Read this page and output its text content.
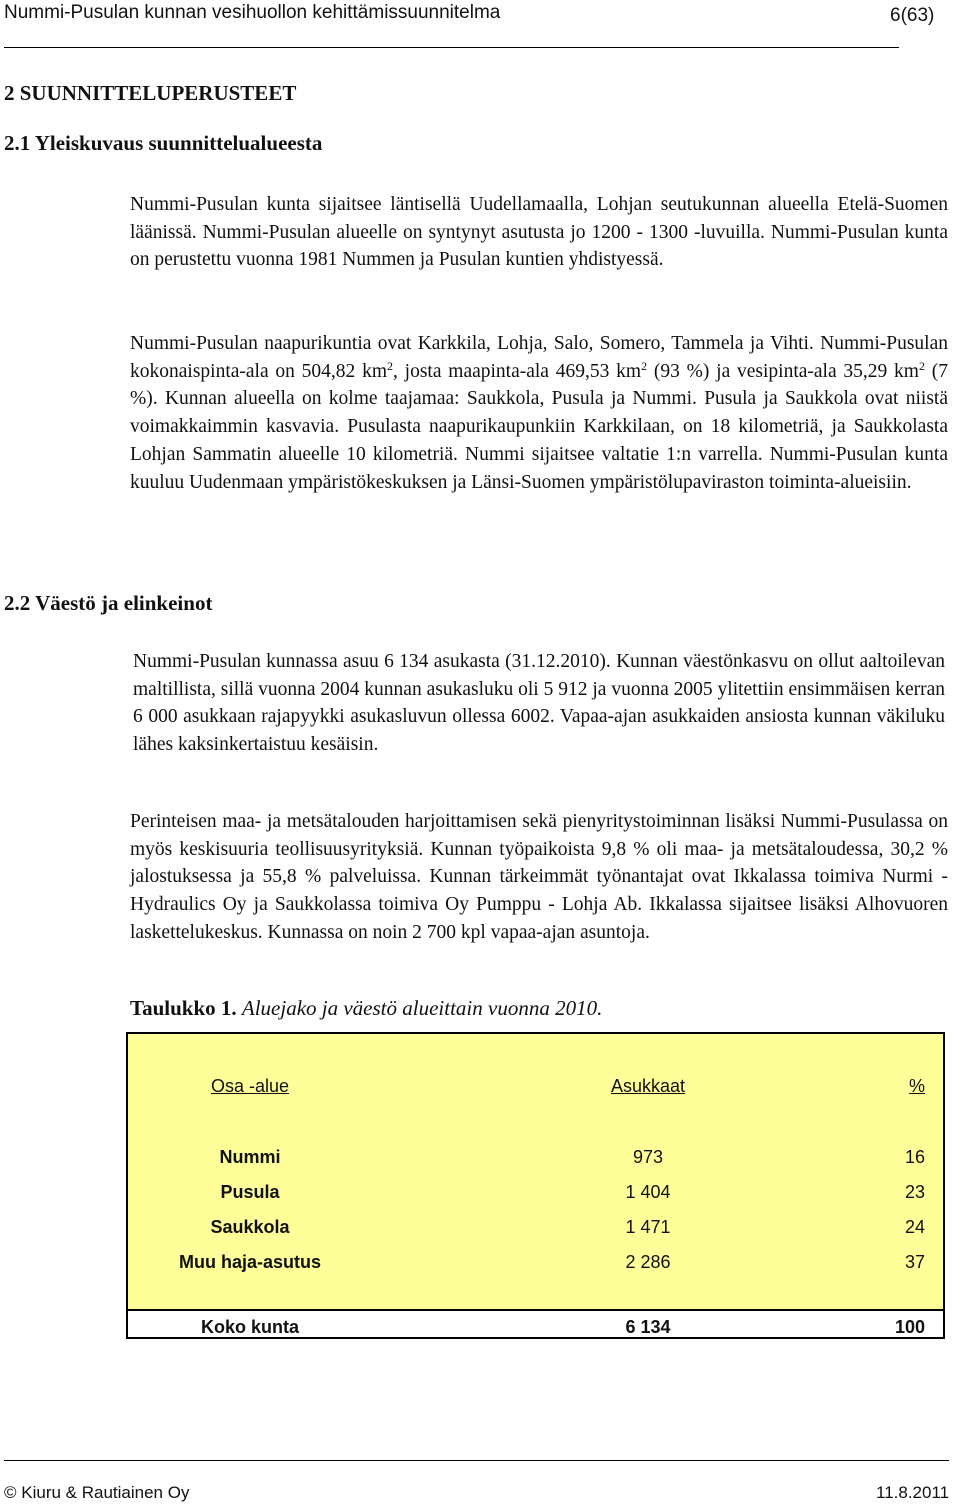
Nummi-Pusulan kunnan vesihuollon kehittämissuunnitelma	6(63)
2 SUUNNITTELUPERUSTEET
2.1 Yleiskuvaus suunnittelualueesta
Nummi-Pusulan kunta sijaitsee läntisellä Uudellamaalla, Lohjan seutukunnan alueella Etelä-Suomen läänissä. Nummi-Pusulan alueelle on syntynyt asutusta jo 1200 - 1300 -luvuilla. Nummi-Pusulan kunta on perustettu vuonna 1981 Nummen ja Pusulan kuntien yhdistyessä.
Nummi-Pusulan naapurikuntia ovat Karkkila, Lohja, Salo, Somero, Tammela ja Vihti. Nummi-Pusulan kokonaispinta-ala on 504,82 $km^2$, josta maapinta-ala 469,53 $km^2$ (93 %) ja vesipinta-ala 35,29 $km^2$ (7 %). Kunnan alueella on kolme taajamaa: Saukkola, Pusula ja Nummi. Pusula ja Saukkola ovat niistä voimakkaimmin kasvavia. Pusulasta naapurikaupunkiin Karkkilaan, on 18 kilometriä, ja Saukkolasta Lohjan Sammatin alueelle 10 kilometriä. Nummi sijaitsee valtatie 1:n varrella. Nummi-Pusulan kunta kuuluu Uudenmaan ympäristökeskuksen ja Länsi-Suomen ympäristölupaviraston toiminta-alueisiin.
2.2 Väestö ja elinkeinot
Nummi-Pusulan kunnassa asuu 6 134 asukasta (31.12.2010). Kunnan väestönkasvu on ollut aaltoilevan maltillista, sillä vuonna 2004 kunnan asukasluku oli 5 912 ja vuonna 2005 ylitettiin ensimmäisen kerran 6 000 asukkaan rajapyykki asukasluvun ollessa 6002. Vapaa-ajan asukkaiden ansiosta kunnan väkiluku lähes kaksinkertaistuu kesäisin.
Perinteisen maa- ja metsätalouden harjoittamisen sekä pienyritystoiminnan lisäksi Nummi-Pusulassa on myös keskisuuria teollisuusyrityksiä. Kunnan työpaikoista 9,8 % oli maa- ja metsätaloudessa, 30,2 % jalostuksessa ja 55,8 % palveluissa. Kunnan tärkeimmät työnantajat ovat Ikkalassa toimiva Nurmi - Hydraulics Oy ja Saukkolassa toimiva Oy Pumppu - Lohja Ab. Ikkalassa sijaitsee lisäksi Alhovuoren laskettelukeskus. Kunnassa on noin 2 700 kpl vapaa-ajan asuntoja.
Taulukko 1. Aluejako ja väestö alueittain vuonna 2010.
Osa -alue	Asukkaat	%
Nummi	973	16
Pusula	1 404	23
Saukkola	1 471	24
Muu haja-asutus	2 286	37
Koko kunta	6 134	100
© Kiuru & Rautiainen Oy	11.8.2011
